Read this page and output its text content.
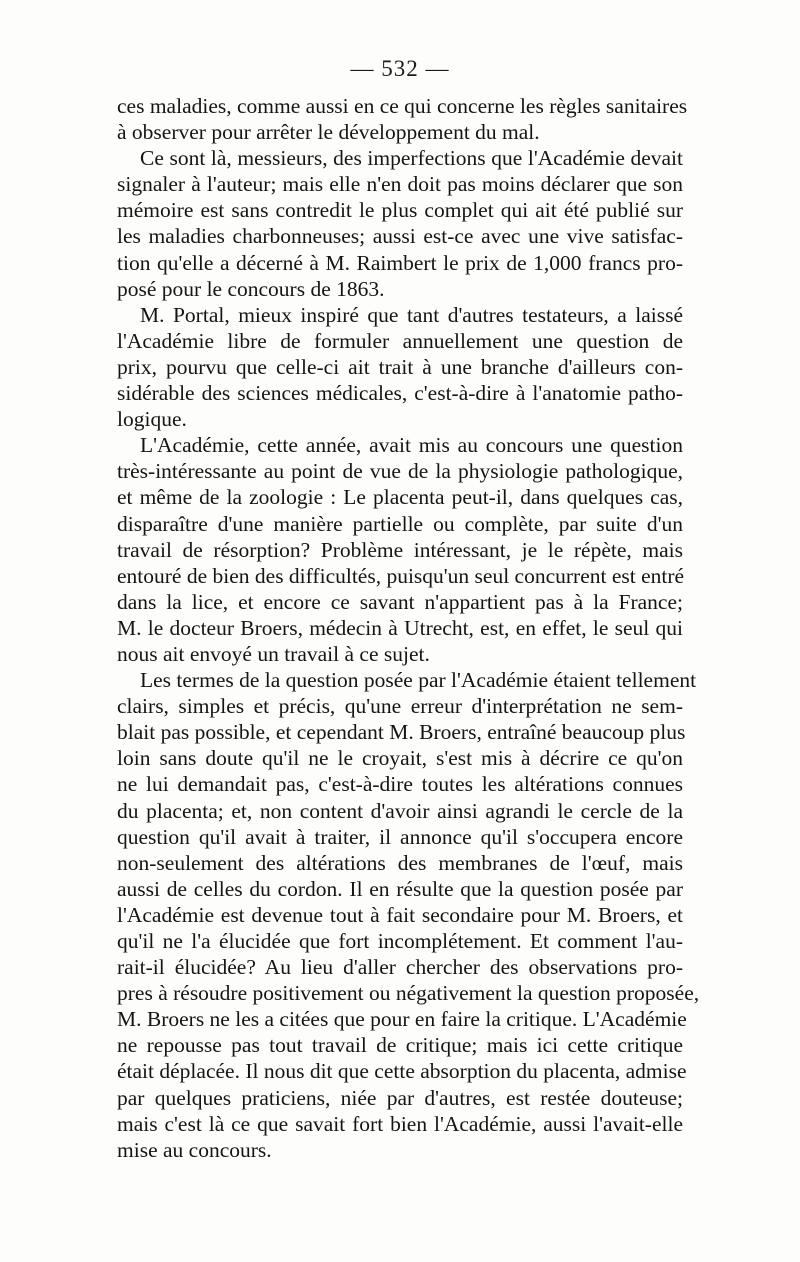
— 532 —
ces maladies, comme aussi en ce qui concerne les règles sanitaires
à observer pour arrêter le développement du mal.
Ce sont là, messieurs, des imperfections que l'Académie devait
signaler à l'auteur; mais elle n'en doit pas moins déclarer que son
mémoire est sans contredit le plus complet qui ait été publié sur
les maladies charbonneuses; aussi est-ce avec une vive satisfac-
tion qu'elle a décerné à M. Raimbert le prix de 1,000 francs pro-
posé pour le concours de 1863.
M. Portal, mieux inspiré que tant d'autres testateurs, a laissé
l'Académie libre de formuler annuellement une question de
prix, pourvu que celle-ci ait trait à une branche d'ailleurs con-
sidérable des sciences médicales, c'est-à-dire à l'anatomie patho-
logique.
L'Académie, cette année, avait mis au concours une question
très-intéressante au point de vue de la physiologie pathologique,
et même de la zoologie : Le placenta peut-il, dans quelques cas,
disparaître d'une manière partielle ou complète, par suite d'un
travail de résorption? Problème intéressant, je le répète, mais
entouré de bien des difficultés, puisqu'un seul concurrent est entré
dans la lice, et encore ce savant n'appartient pas à la France;
M. le docteur Broers, médecin à Utrecht, est, en effet, le seul qui
nous ait envoyé un travail à ce sujet.
Les termes de la question posée par l'Académie étaient tellement
clairs, simples et précis, qu'une erreur d'interprétation ne sem-
blait pas possible, et cependant M. Broers, entraîné beaucoup plus
loin sans doute qu'il ne le croyait, s'est mis à décrire ce qu'on
ne lui demandait pas, c'est-à-dire toutes les altérations connues
du placenta; et, non content d'avoir ainsi agrandi le cercle de la
question qu'il avait à traiter, il annonce qu'il s'occupera encore
non-seulement des altérations des membranes de l'œuf, mais
aussi de celles du cordon. Il en résulte que la question posée par
l'Académie est devenue tout à fait secondaire pour M. Broers, et
qu'il ne l'a élucidée que fort incomplétement. Et comment l'au-
rait-il élucidée? Au lieu d'aller chercher des observations pro-
pres à résoudre positivement ou négativement la question proposée,
M. Broers ne les a citées que pour en faire la critique. L'Académie
ne repousse pas tout travail de critique; mais ici cette critique
était déplacée. Il nous dit que cette absorption du placenta, admise
par quelques praticiens, niée par d'autres, est restée douteuse;
mais c'est là ce que savait fort bien l'Académie, aussi l'avait-elle
mise au concours.
